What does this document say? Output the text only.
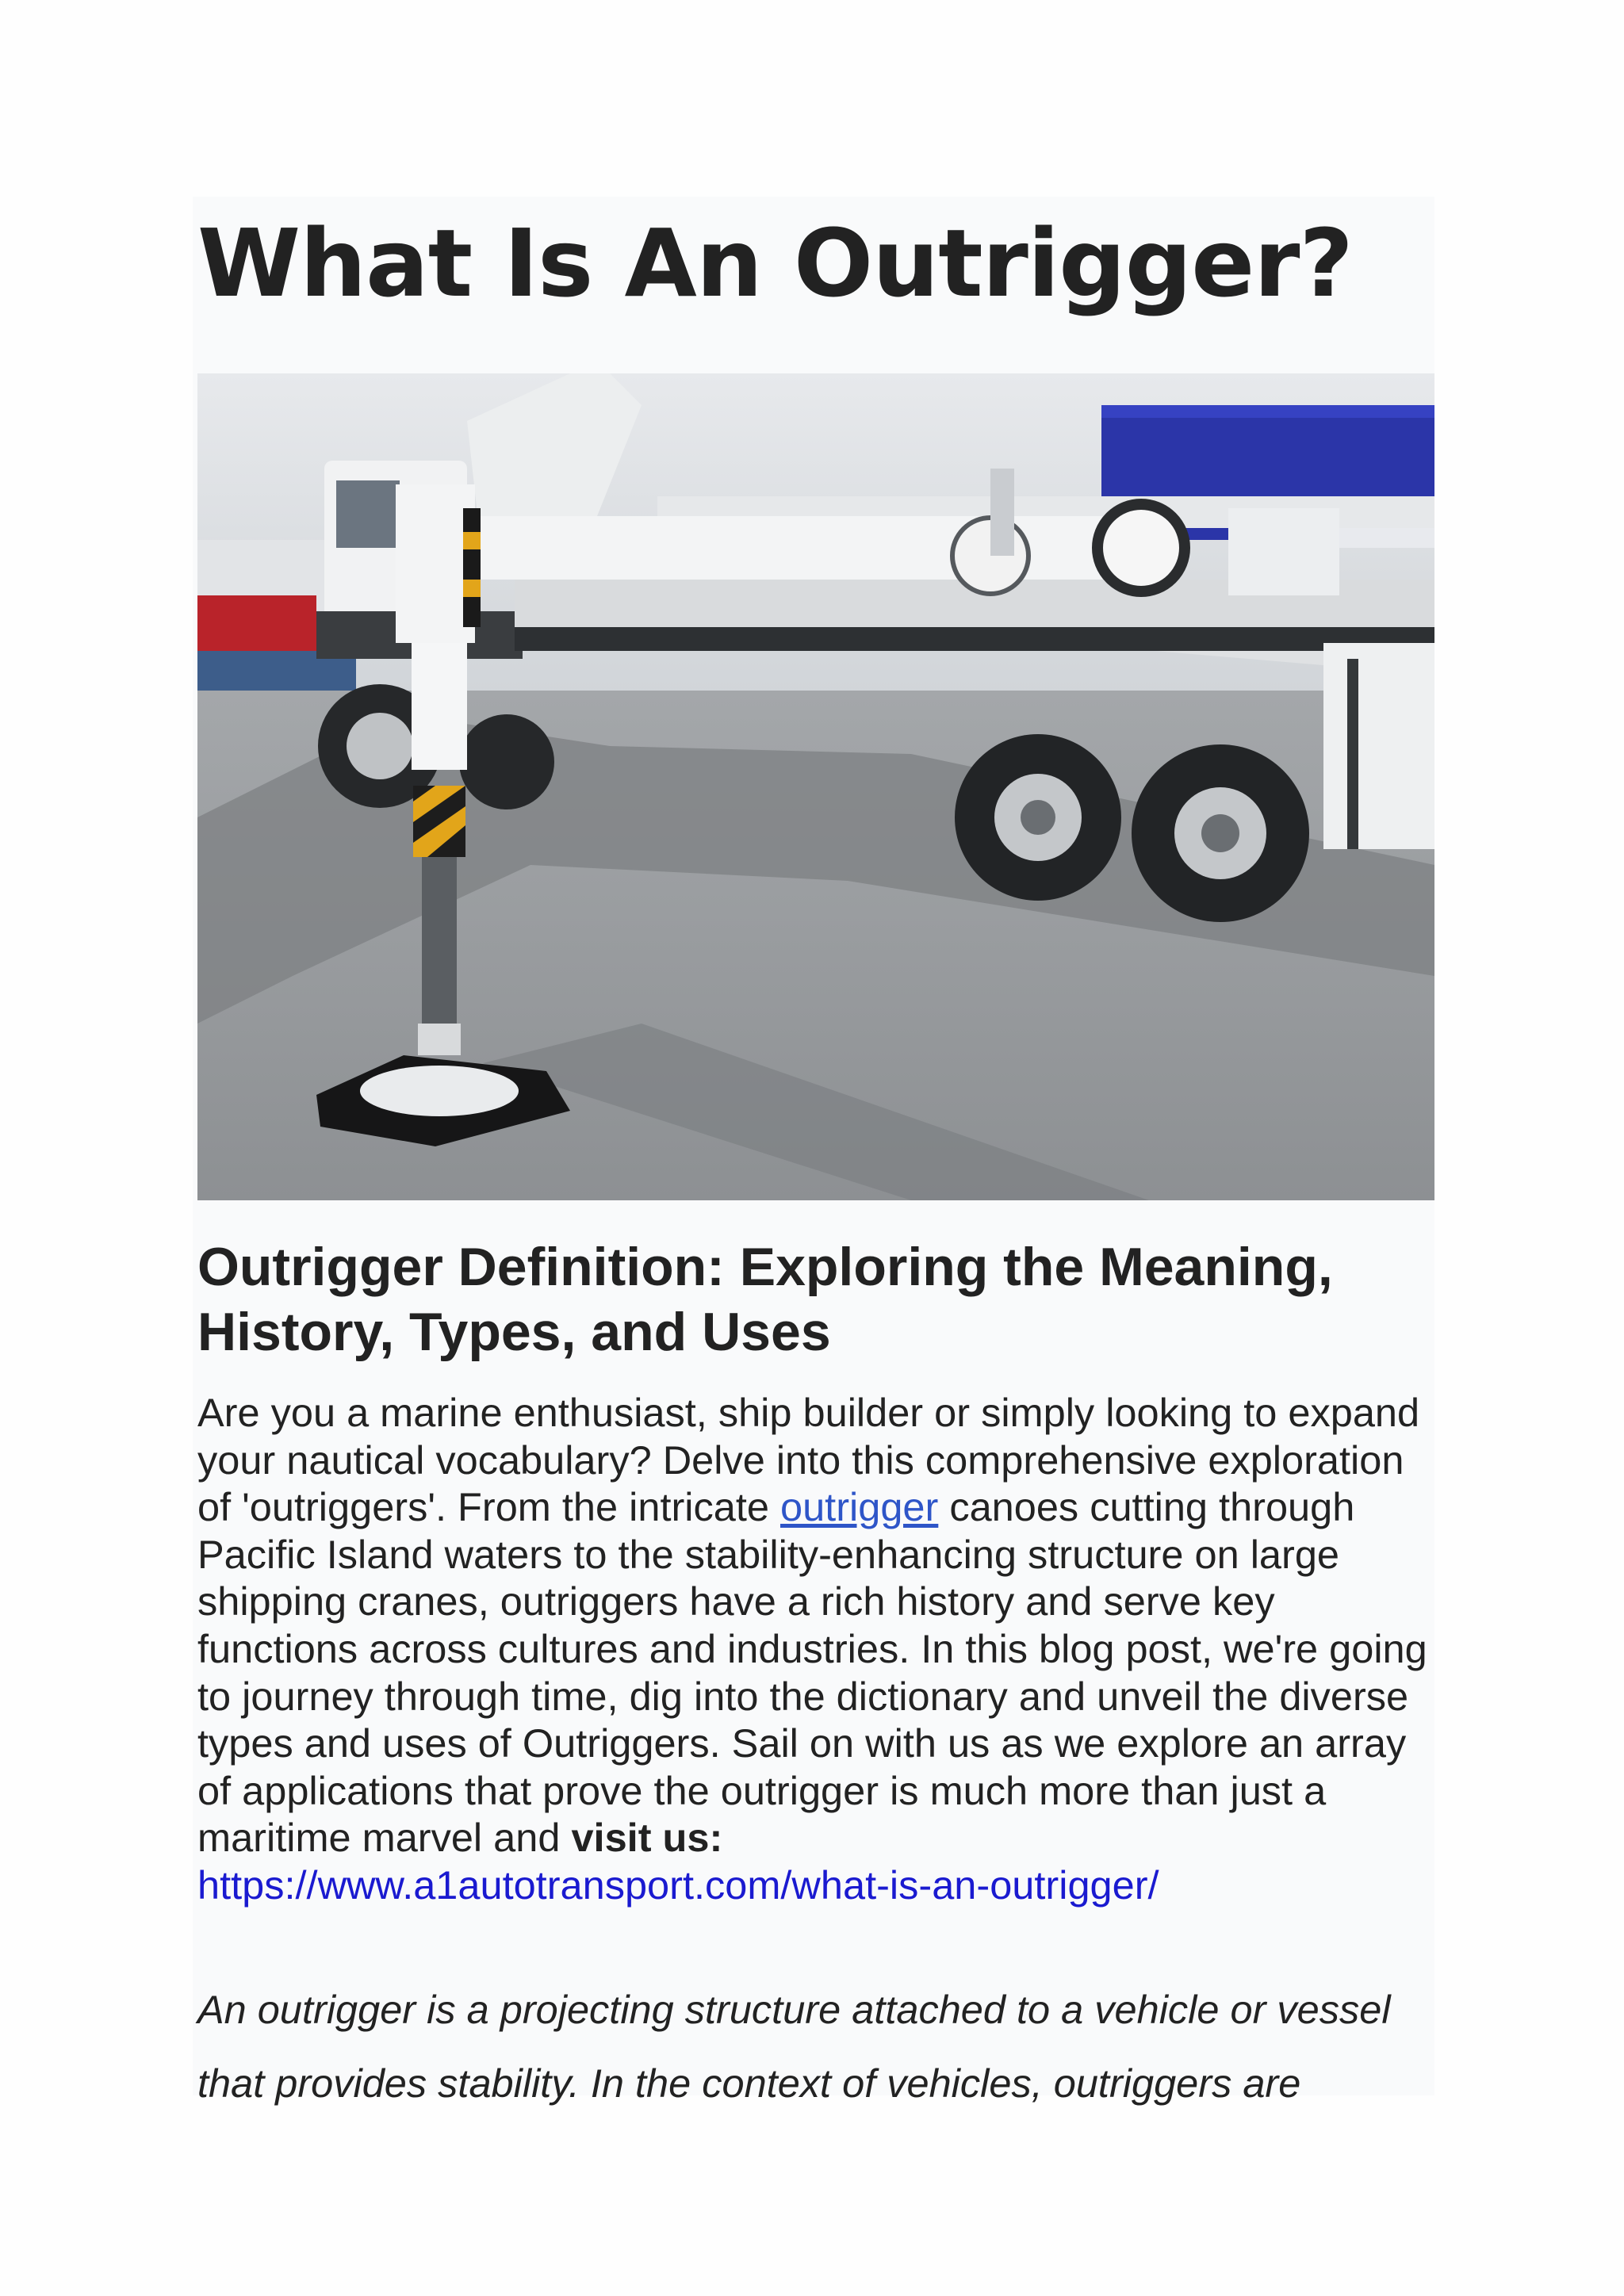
What Is An Outrigger?
Outrigger Definition: Exploring the Meaning, History, Types, and Uses

Are you a marine enthusiast, ship builder or simply looking to expand your nautical vocabulary? Delve into this comprehensive exploration of 'outriggers'. From the intricate outrigger canoes cutting through Pacific Island waters to the stability-enhancing structure on large shipping cranes, outriggers have a rich history and serve key functions across cultures and industries. In this blog post, we're going to journey through time, dig into the dictionary and unveil the diverse types and uses of Outriggers. Sail on with us as we explore an array of applications that prove the outrigger is much more than just a maritime marvel and visit us:
https://www.a1autotransport.com/what-is-an-outrigger/

An outrigger is a projecting structure attached to a vehicle or vessel that provides stability. In the context of vehicles, outriggers are
